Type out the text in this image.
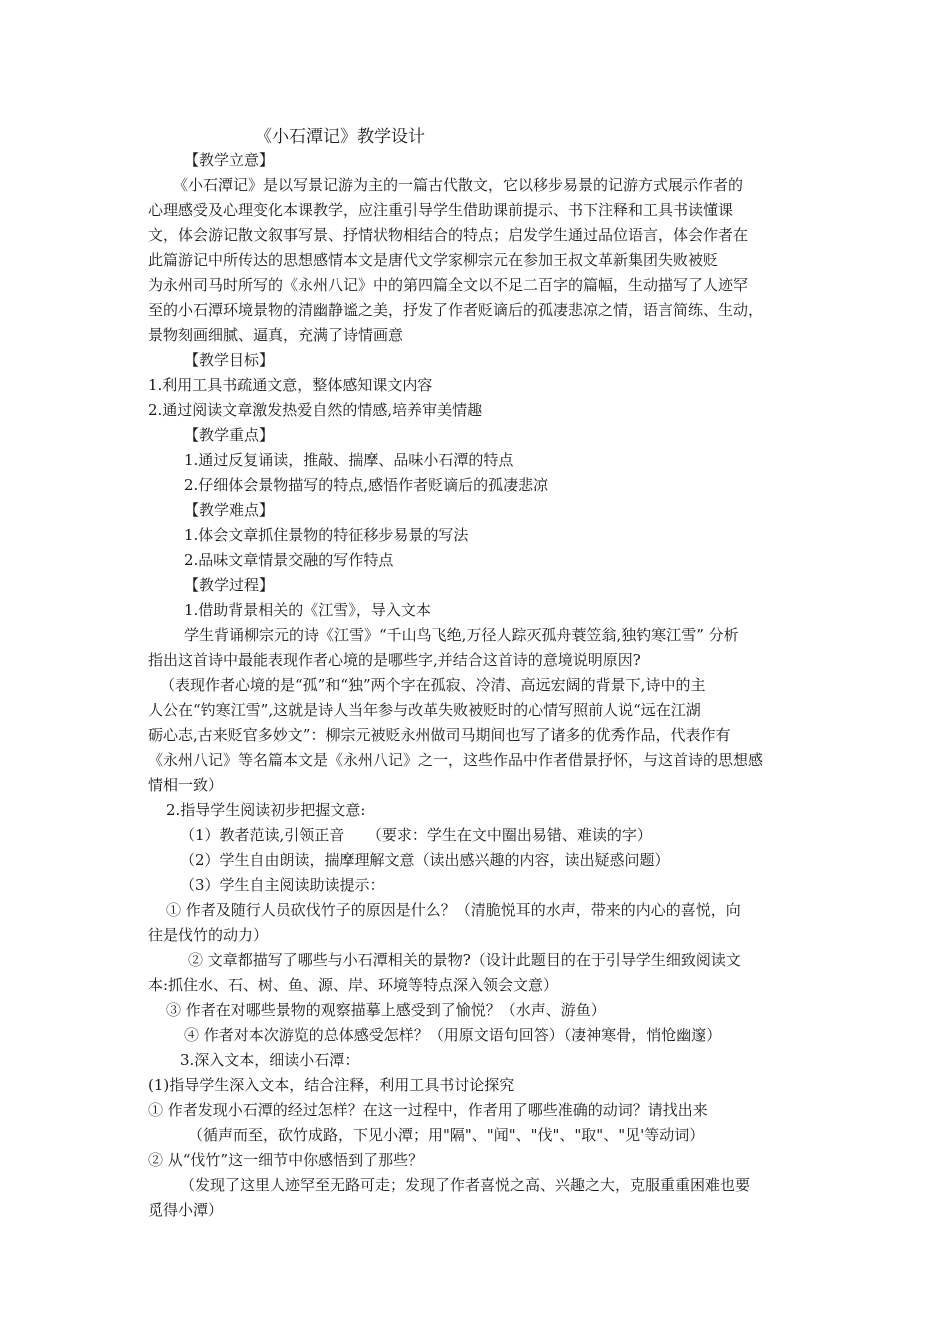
《小石潭记》教学设计
【教学立意】
《小石潭记》是以写景记游为主的一篇古代散文，它以移步易景的记游方式展示作者的
心理感受及心理变化本课教学，应注重引导学生借助课前提示、书下注释和工具书读懂课
文，体会游记散文叙事写景、抒情状物相结合的特点；启发学生通过品位语言，体会作者在
此篇游记中所传达的思想感情本文是唐代文学家柳宗元在参加王叔文革新集团失败被贬
为永州司马时所写的《永州八记》中的第四篇全文以不足二百字的篇幅，生动描写了人迹罕
至的小石潭环境景物的清幽静谧之美，抒发了作者贬谪后的孤凄悲凉之情，语言简练、生动，
景物刻画细腻、逼真，充满了诗情画意
【教学目标】
1.利用工具书疏通文意，整体感知课文内容
2.通过阅读文章激发热爱自然的情感,培养审美情趣
【教学重点】
1.通过反复诵读，推敲、揣摩、品味小石潭的特点
2.仔细体会景物描写的特点,感悟作者贬谪后的孤凄悲凉
【教学难点】
1.体会文章抓住景物的特征移步易景的写法
2.品味文章情景交融的写作特点
【教学过程】
1.借助背景相关的《江雪》，导入文本
学生背诵柳宗元的诗《江雪》“千山鸟飞绝,万径人踪灭孤舟蓑笠翁,独钓寒江雪” 分析
指出这首诗中最能表现作者心境的是哪些字,并结合这首诗的意境说明原因?
（表现作者心境的是“孤”和“独”两个字在孤寂、冷清、高远宏阔的背景下,诗中的主
人公在“钓寒江雪”,这就是诗人当年参与改革失败被贬时的心情写照前人说“远在江湖
砺心志,古来贬官多妙文”：柳宗元被贬永州做司马期间也写了诸多的优秀作品，代表作有
《永州八记》等名篇本文是《永州八记》之一，这些作品中作者借景抒怀，与这首诗的思想感
情相一致）
2.指导学生阅读初步把握文意:
（1）教者范读,引领正音　　（要求：学生在文中圈出易错、难读的字）
（2）学生自由朗读，揣摩理解文意（读出感兴趣的内容，读出疑惑问题）
（3）学生自主阅读助读提示：
① 作者及随行人员砍伐竹子的原因是什么？（清脆悦耳的水声，带来的内心的喜悦，向
往是伐竹的动力）
② 文章都描写了哪些与小石潭相关的景物?（设计此题目的在于引导学生细致阅读文
本:抓住水、石、树、鱼、源、岸、环境等特点深入领会文意）
③ 作者在对哪些景物的观察描摹上感受到了愉悦？（水声、游鱼）
④ 作者对本次游览的总体感受怎样？（用原文语句回答）（凄神寒骨，悄怆幽邃）
3.深入文本，细读小石潭：
(1)指导学生深入文本，结合注释，利用工具书讨论探究
① 作者发现小石潭的经过怎样？在这一过程中，作者用了哪些准确的动词？请找出来
（循声而至，砍竹成路，下见小潭；用"隔"、"闻"、"伐"、"取"、"见'等动词）
② 从“伐竹”这一细节中你感悟到了那些？
（发现了这里人迹罕至无路可走；发现了作者喜悦之高、兴趣之大，克服重重困难也要
觅得小潭）
